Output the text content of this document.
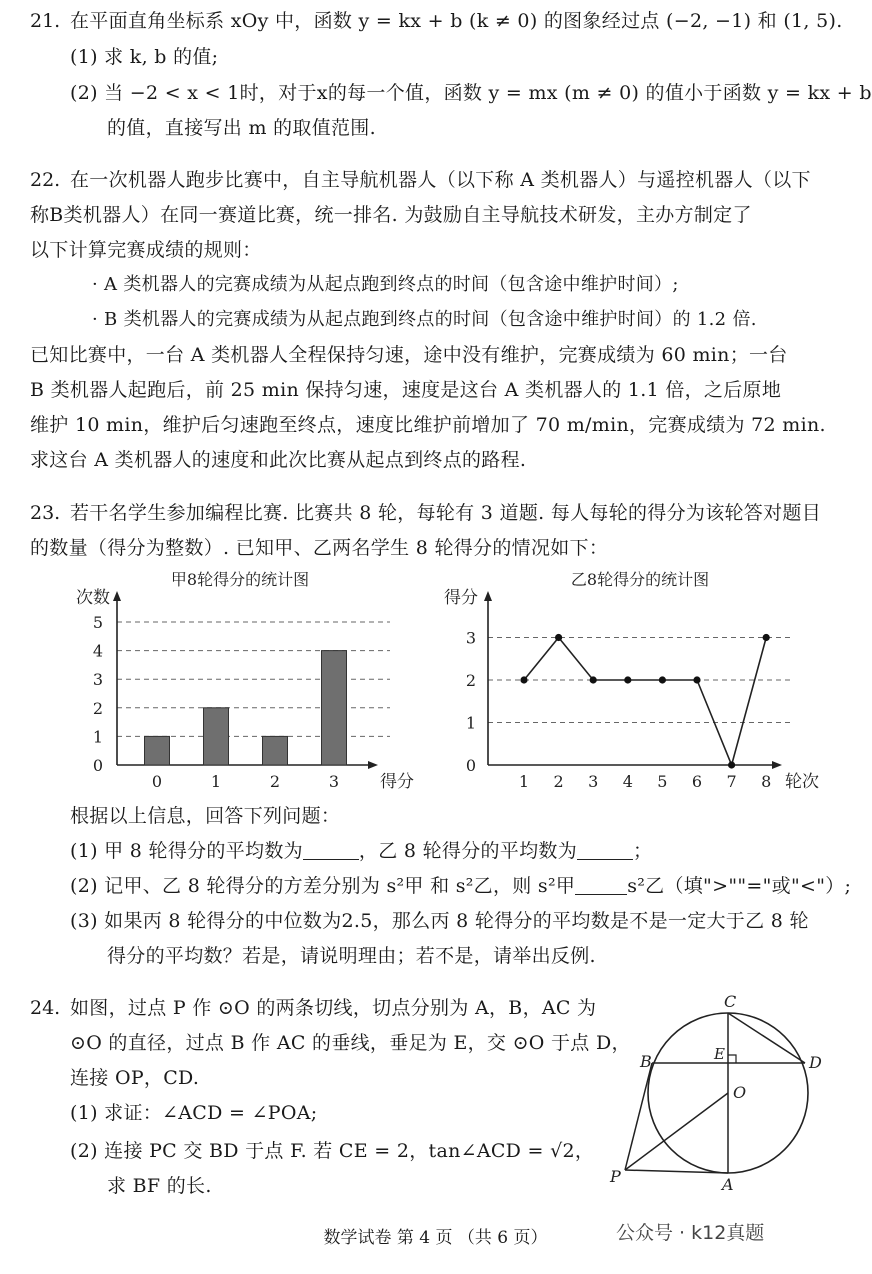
21. 在平面直角坐标系 xOy 中，函数 y = kx + b (k ≠ 0) 的图象经过点 (−2, −1) 和 (1, 5).
(1) 求 k, b 的值;
(2) 当 −2 < x < 1时，对于x的每一个值，函数 y = mx (m ≠ 0) 的值小于函数 y = kx + b
的值，直接写出 m 的取值范围.
22. 在一次机器人跑步比赛中，自主导航机器人（以下称 A 类机器人）与遥控机器人（以下
称B类机器人）在同一赛道比赛，统一排名. 为鼓励自主导航技术研发，主办方制定了
以下计算完赛成绩的规则：
· A 类机器人的完赛成绩为从起点跑到终点的时间（包含途中维护时间）;
· B 类机器人的完赛成绩为从起点跑到终点的时间（包含途中维护时间）的 1.2 倍.
已知比赛中，一台 A 类机器人全程保持匀速，途中没有维护，完赛成绩为 60 min；一台
B 类机器人起跑后，前 25 min 保持匀速，速度是这台 A 类机器人的 1.1 倍，之后原地
维护 10 min，维护后匀速跑至终点，速度比维护前增加了 70 m/min，完赛成绩为 72 min.
求这台 A 类机器人的速度和此次比赛从起点到终点的路程.
23. 若干名学生参加编程比赛. 比赛共 8 轮，每轮有 3 道题. 每人每轮的得分为该轮答对题目
的数量（得分为整数）. 已知甲、乙两名学生 8 轮得分的情况如下：
甲8轮得分的统计图
次数
得分
0
1
2
3
4
5
0	1	2	3
乙8轮得分的统计图
得分
轮次
0
1
2
3
1 2 3 4 5 6 7 8
根据以上信息，回答下列问题：
(1) 甲 8 轮得分的平均数为	，乙 8 轮得分的平均数为	；
(2) 记甲、乙 8 轮得分的方差分别为 s²甲 和 s²乙，则 s²甲	s²乙（填">""="或"<"）;
(3) 如果丙 8 轮得分的中位数为2.5，那么丙 8 轮得分的平均数是不是一定大于乙 8 轮
得分的平均数？若是，请说明理由；若不是，请举出反例.
24. 如图，过点 P 作 ⊙O 的两条切线，切点分别为 A，B，AC 为
⊙O 的直径，过点 B 作 AC 的垂线，垂足为 E，交 ⊙O 于点 D，
连接 OP，CD.
(1) 求证：∠ACD = ∠POA;
(2) 连接 PC 交 BD 于点 F. 若 CE = 2，tan∠ACD = √2，
求 BF 的长.
C
B	E	D
O
P	A
数学试卷 第 4 页 （共 6 页）	公众号 · k12真题
